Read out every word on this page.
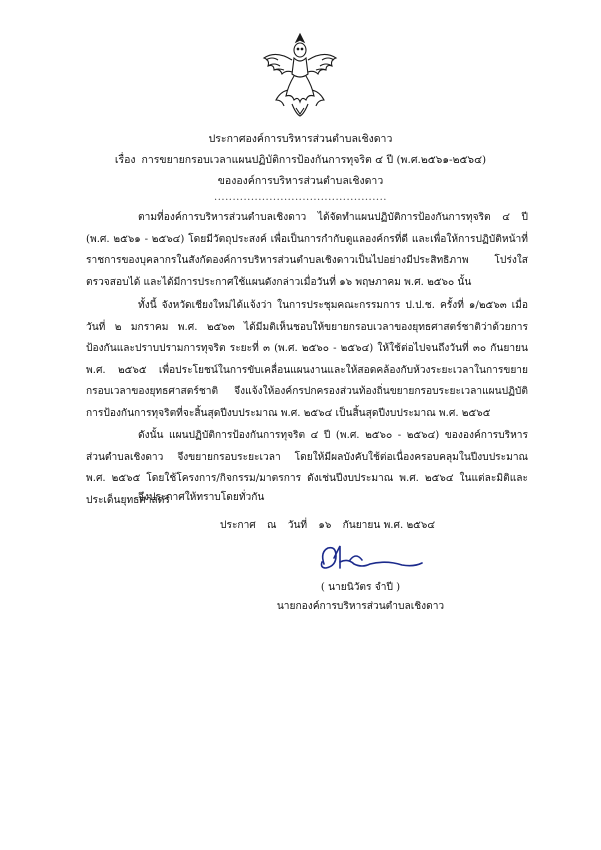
ประกาศองค์การบริหารส่วนตำบลเชิงดาว
เรื่อง การขยายกรอบเวลาแผนปฏิบัติการป้องกันการทุจริต ๔ ปี (พ.ศ.๒๕๖๑-๒๕๖๔)
ขององค์การบริหารส่วนตำบลเชิงดาว
...............................................
ตามที่องค์การบริหารส่วนตำบลเชิงดาว ได้จัดทำแผนปฏิบัติการป้องกันการทุจริต ๔ ปี (พ.ศ. ๒๕๖๑ - ๒๕๖๔) โดยมีวัตถุประสงค์ เพื่อเป็นการกำกับดูแลองค์กรที่ดี และเพื่อให้การปฏิบัติหน้าที่ราชการของบุคลากรในสังกัดองค์การบริหารส่วนตำบลเชิงดาวเป็นไปอย่างมีประสิทธิภาพ โปร่งใส ตรวจสอบได้ และได้มีการประกาศใช้แผนดังกล่าวเมื่อวันที่ ๑๖ พฤษภาคม พ.ศ. ๒๕๖๐ นั้น
ทั้งนี้ จังหวัดเชียงใหม่ได้แจ้งว่า ในการประชุมคณะกรรมการ ป.ป.ช. ครั้งที่ ๑/๒๕๖๓ เมื่อวันที่ ๒ มกราคม พ.ศ. ๒๕๖๓ ได้มีมติเห็นชอบให้ขยายกรอบเวลาของยุทธศาสตร์ชาติว่าด้วยการป้องกันและปราบปรามการทุจริต ระยะที่ ๓ (พ.ศ. ๒๕๖๐ - ๒๕๖๔) ให้ใช้ต่อไปจนถึงวันที่ ๓๐ กันยายน พ.ศ. ๒๕๖๕ เพื่อประโยชน์ในการขับเคลื่อนแผนงานและให้สอดคล้องกับห้วงระยะเวลาในการขยายกรอบเวลาของยุทธศาสตร์ชาติ จึงแจ้งให้องค์กรปกครองส่วนท้องถิ่นขยายกรอบระยะเวลาแผนปฏิบัติการป้องกันการทุจริตที่จะสิ้นสุดปีงบประมาณ พ.ศ. ๒๕๖๔ เป็นสิ้นสุดปีงบประมาณ พ.ศ. ๒๕๖๕
ดังนั้น แผนปฏิบัติการป้องกันการทุจริต ๔ ปี (พ.ศ. ๒๕๖๐ - ๒๕๖๔) ขององค์การบริหารส่วนตำบลเชิงดาว จึงขยายกรอบระยะเวลา โดยให้มีผลบังคับใช้ต่อเนื่องครอบคลุมในปีงบประมาณ พ.ศ. ๒๕๖๕ โดยใช้โครงการ/กิจกรรม/มาตรการ ดังเช่นปีงบประมาณ พ.ศ. ๒๕๖๔ ในแต่ละมิติและประเด็นยุทธศาสตร์
จึงประกาศให้ทราบโดยทั่วกัน
ประกาศ ณ วันที่ ๑๖ กันยายน พ.ศ. ๒๕๖๔
( นายนิวัตร จำปี )
นายกองค์การบริหารส่วนตำบลเชิงดาว
